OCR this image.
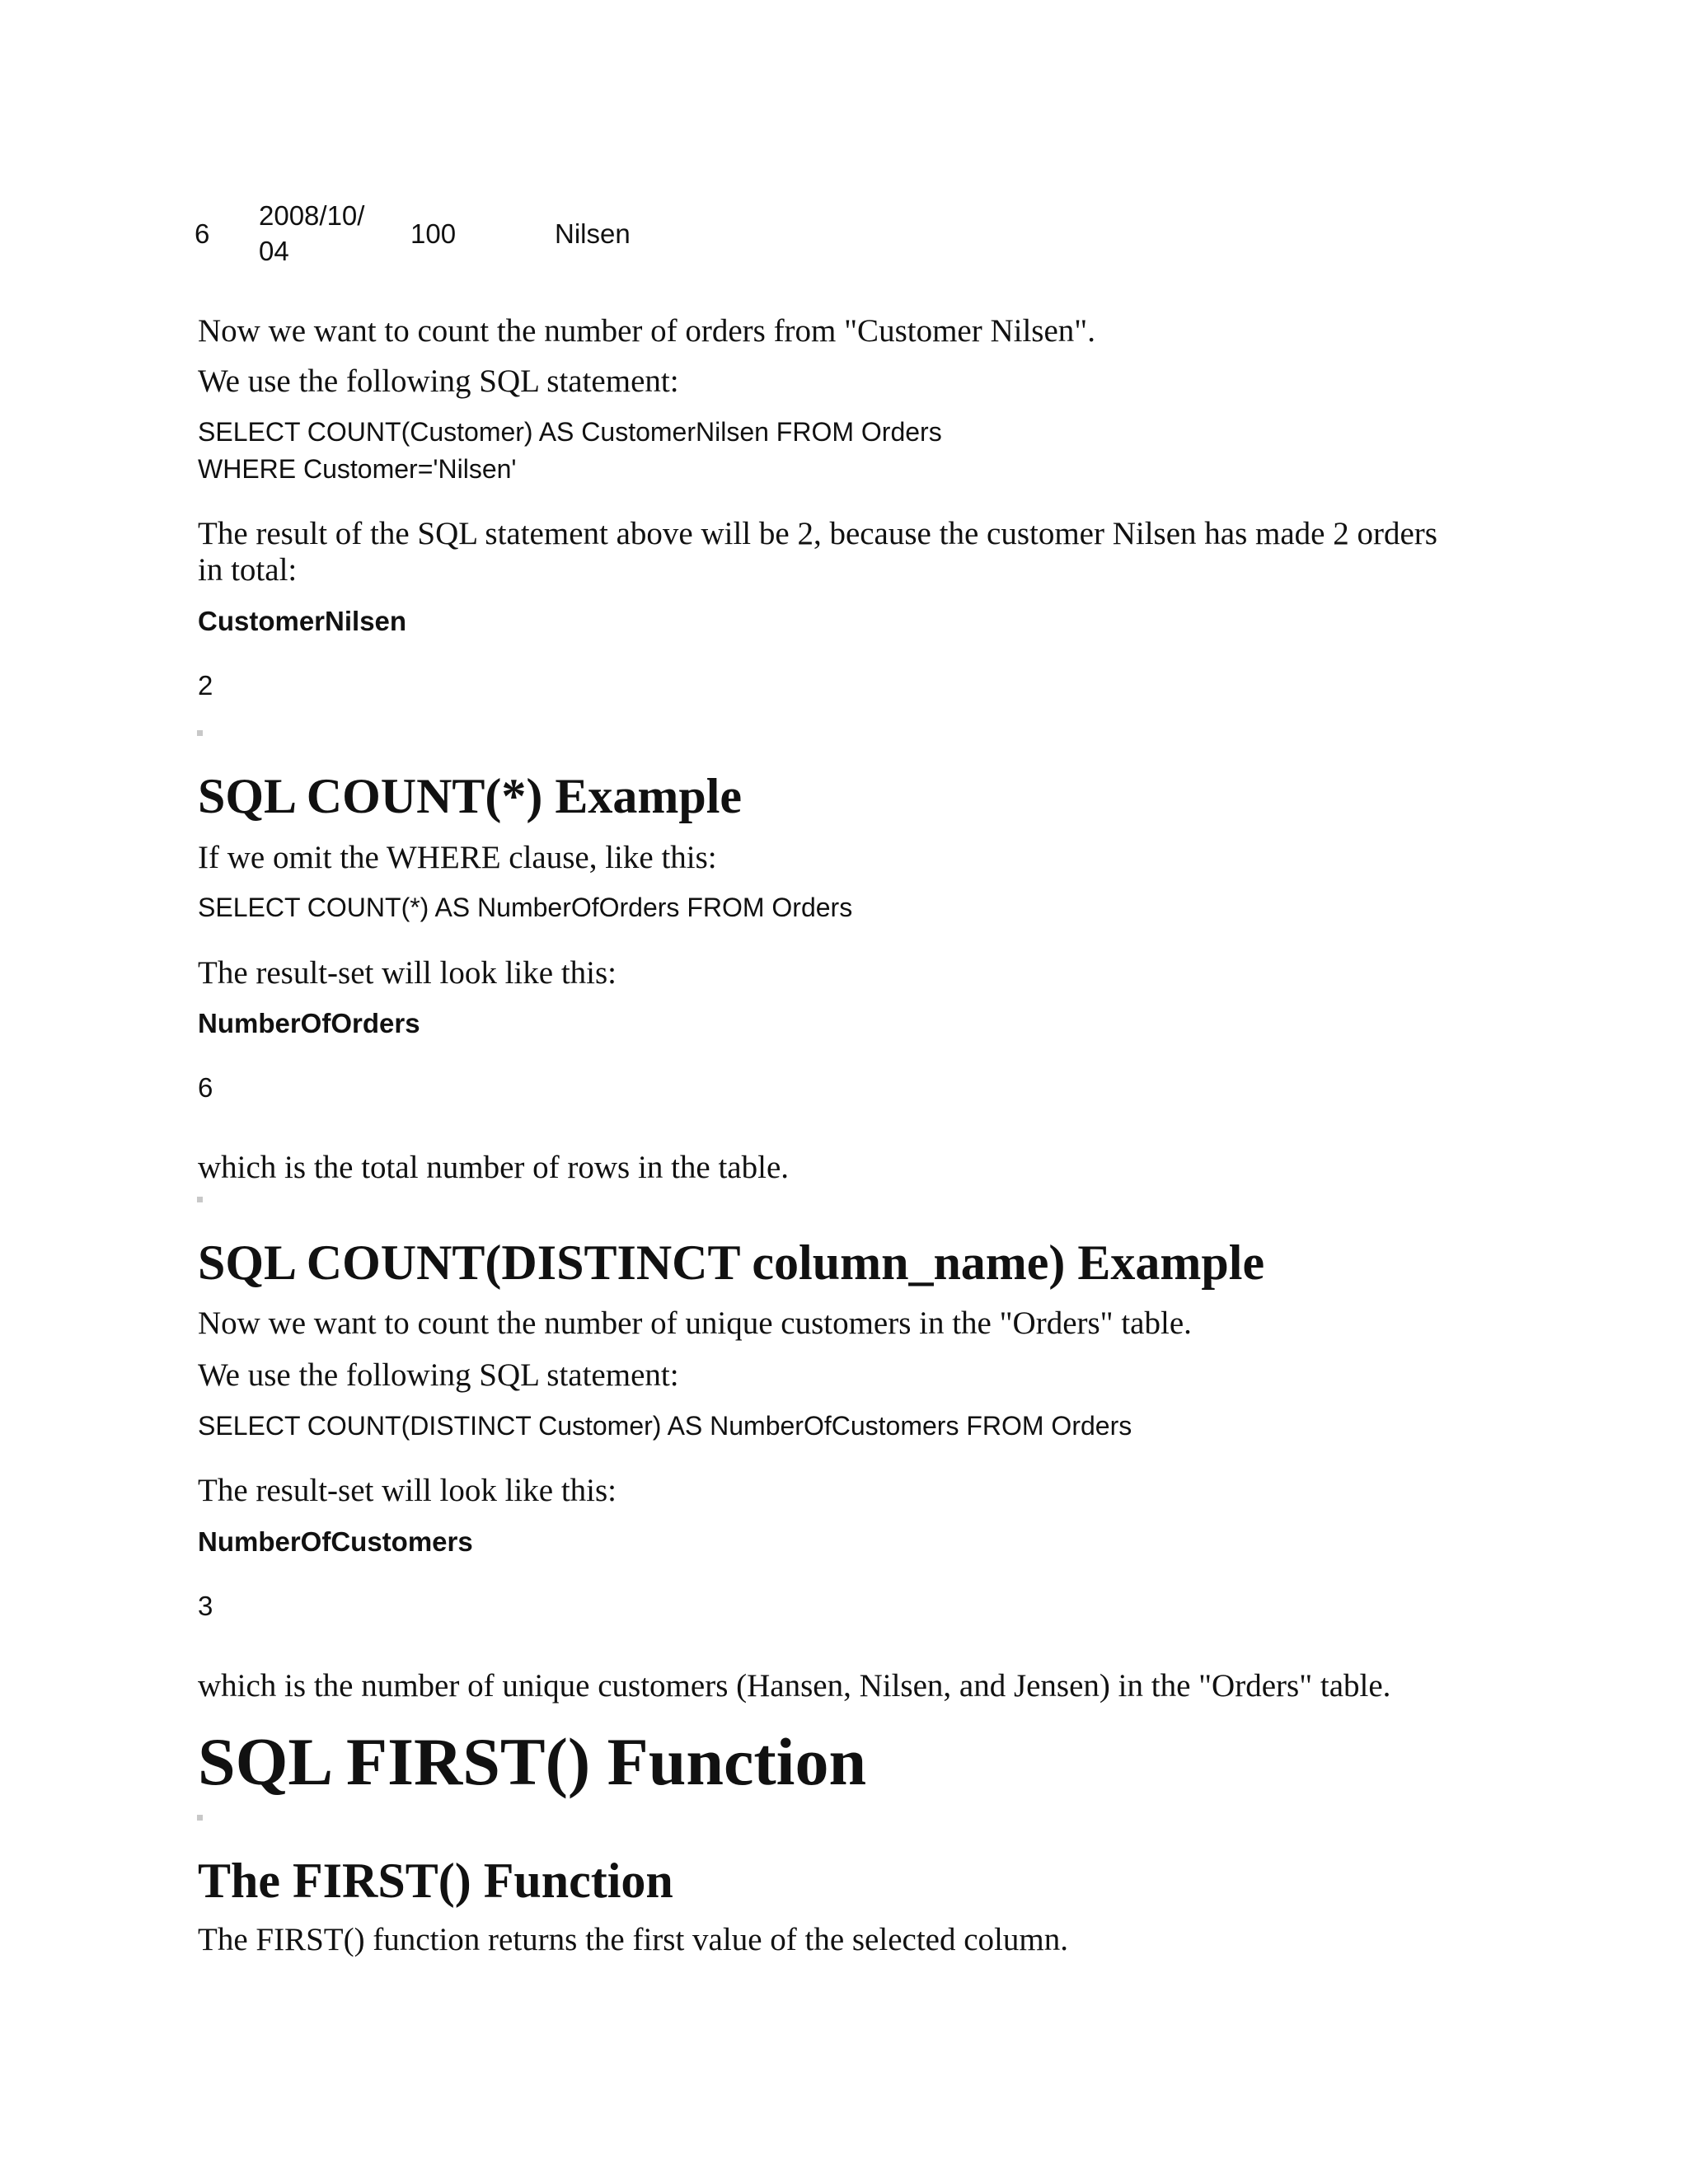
6
2008/10/
04
100	Nilsen
Now we want to count the number of orders from "Customer Nilsen".
We use the following SQL statement:
SELECT COUNT(Customer) AS CustomerNilsen FROM Orders
WHERE Customer='Nilsen'
The result of the SQL statement above will be 2, because the customer Nilsen has made 2 orders
in total:
CustomerNilsen
2
SQL COUNT(*) Example
If we omit the WHERE clause, like this:
SELECT COUNT(*) AS NumberOfOrders FROM Orders
The result-set will look like this:
NumberOfOrders
6
which is the total number of rows in the table.
SQL COUNT(DISTINCT column_name) Example
Now we want to count the number of unique customers in the "Orders" table.
We use the following SQL statement:
SELECT COUNT(DISTINCT Customer) AS NumberOfCustomers FROM Orders
The result-set will look like this:
NumberOfCustomers
3
which is the number of unique customers (Hansen, Nilsen, and Jensen) in the "Orders" table.
SQL FIRST() Function
The FIRST() Function
The FIRST() function returns the first value of the selected column.
